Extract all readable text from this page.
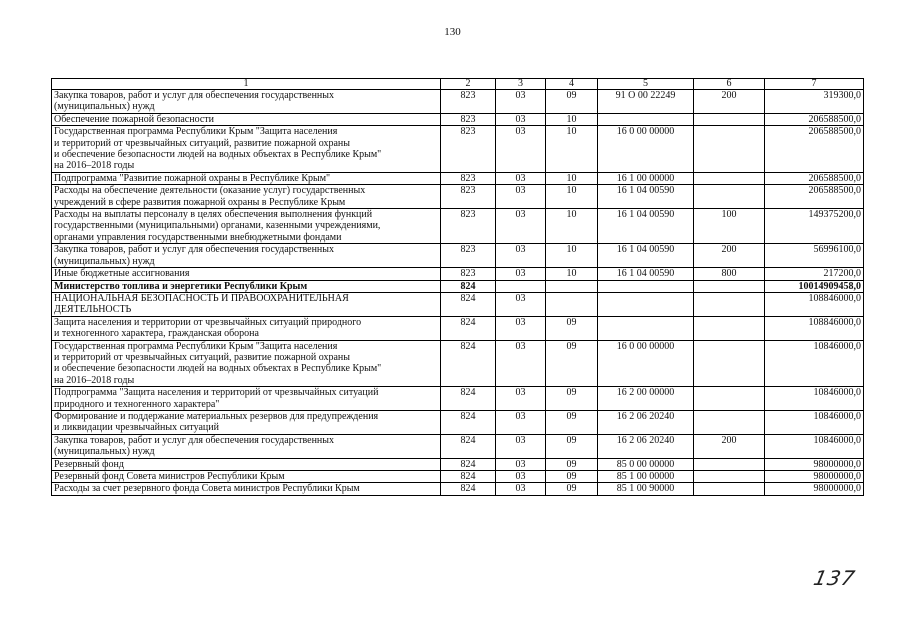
130
1	2	3	4	5	6	7
Закупка товаров, работ и услуг для обеспечения государственных
(муниципальных) нужд	823	03	09	91 О 00 22249	200	319300,0
Обеспечение пожарной безопасности	823	03	10			206588500,0
Государственная программа Республики Крым "Защита населения
и территорий от чрезвычайных ситуаций, развитие пожарной охраны
и обеспечение безопасности людей на водных объектах в Республике Крым"
на 2016–2018 годы	823	03	10	16 0 00 00000		206588500,0
Подпрограмма "Развитие пожарной охраны в Республике Крым"	823	03	10	16 1 00 00000		206588500,0
Расходы на обеспечение деятельности (оказание услуг) государственных
учреждений в сфере развития пожарной охраны в Республике Крым	823	03	10	16 1 04 00590		206588500,0
Расходы на выплаты персоналу в целях обеспечения выполнения функций
государственными (муниципальными) органами, казенными учреждениями,
органами управления государственными внебюджетными фондами	823	03	10	16 1 04 00590	100	149375200,0
Закупка товаров, работ и услуг для обеспечения государственных
(муниципальных) нужд	823	03	10	16 1 04 00590	200	56996100,0
Иные бюджетные ассигнования	823	03	10	16 1 04 00590	800	217200,0
Министерство топлива и энергетики Республики Крым	824					10014909458,0
НАЦИОНАЛЬНАЯ БЕЗОПАСНОСТЬ И ПРАВООХРАНИТЕЛЬНАЯ
ДЕЯТЕЛЬНОСТЬ	824	03				108846000,0
Защита населения и территории от чрезвычайных ситуаций природного
и техногенного характера, гражданская оборона	824	03	09			108846000,0
Государственная программа Республики Крым "Защита населения
и территорий от чрезвычайных ситуаций, развитие пожарной охраны
и обеспечение безопасности людей на водных объектах в Республике Крым"
на 2016–2018 годы	824	03	09	16 0 00 00000		10846000,0
Подпрограмма "Защита населения и территорий от чрезвычайных ситуаций
природного и техногенного характера"	824	03	09	16 2 00 00000		10846000,0
Формирование и поддержание материальных резервов для предупреждения
и ликвидации чрезвычайных ситуаций	824	03	09	16 2 06 20240		10846000,0
Закупка товаров, работ и услуг для обеспечения государственных
(муниципальных) нужд	824	03	09	16 2 06 20240	200	10846000,0
Резервный фонд	824	03	09	85 0 00 00000		98000000,0
Резервный фонд Совета министров Республики Крым	824	03	09	85 1 00 00000		98000000,0
Расходы за счет резервного фонда Совета министров Республики Крым	824	03	09	85 1 00 90000		98000000,0
137
